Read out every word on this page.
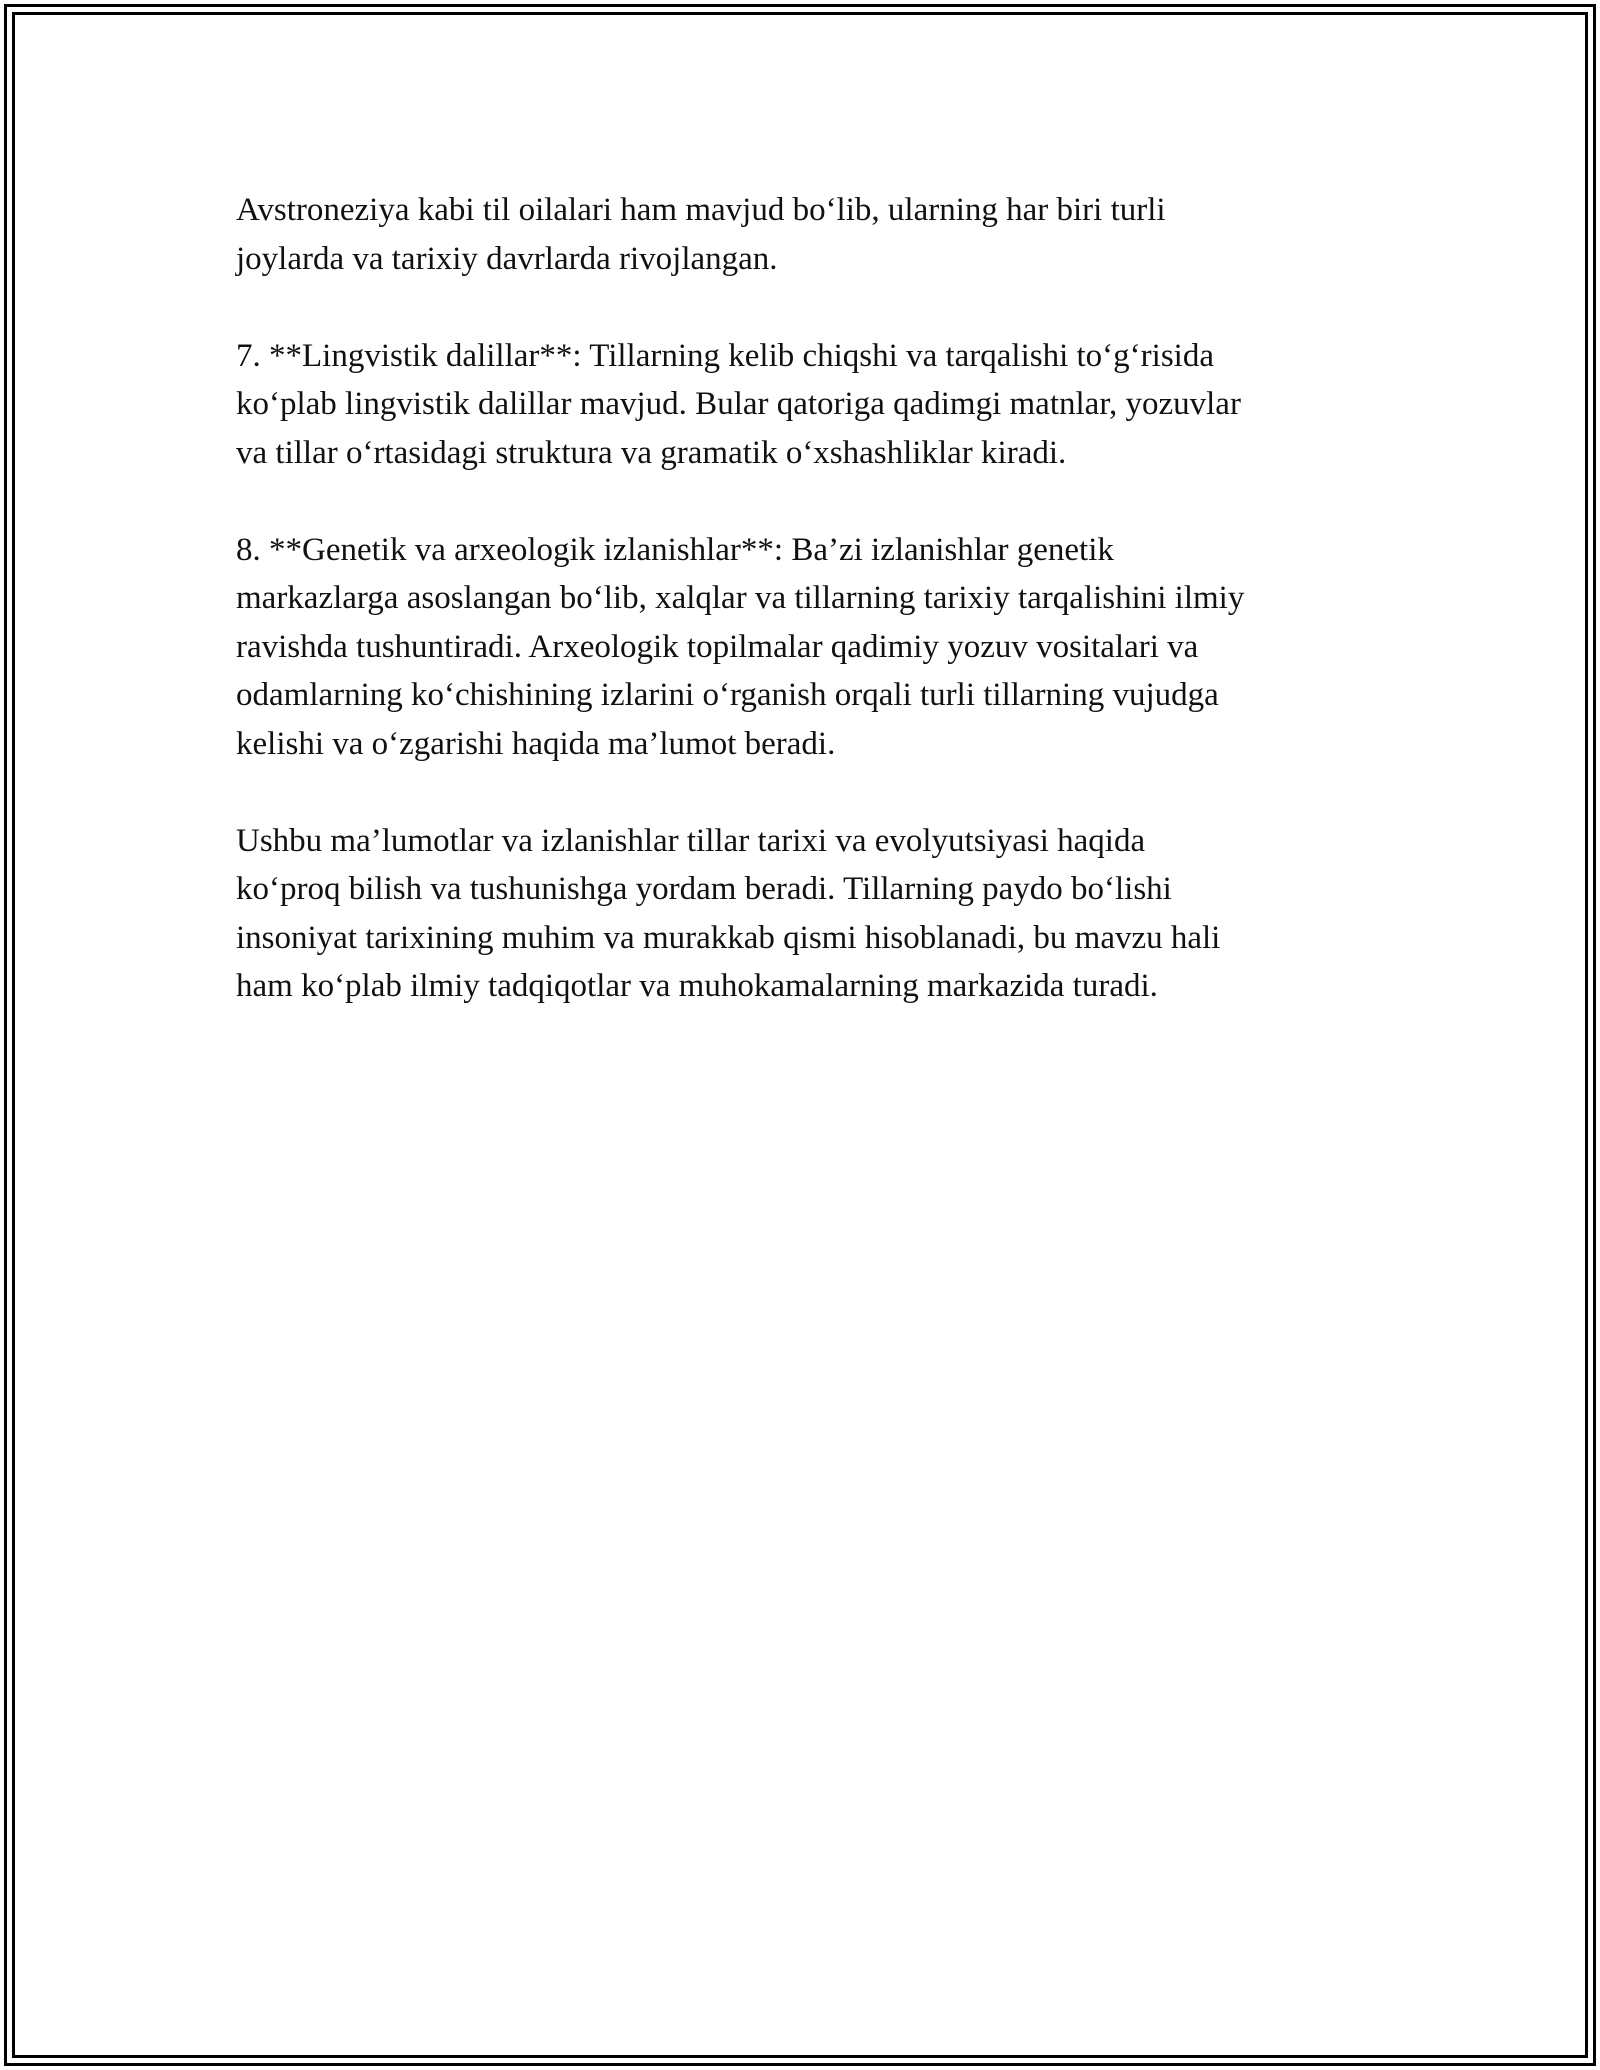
Avstroneziya kabi til oilalari ham mavjud bo‘lib, ularning har biri turli
joylarda va tarixiy davrlarda rivojlangan.

7. **Lingvistik dalillar**: Tillarning kelib chiqshi va tarqalishi to‘g‘risida
ko‘plab lingvistik dalillar mavjud. Bular qatoriga qadimgi matnlar, yozuvlar
va tillar o‘rtasidagi struktura va gramatik o‘xshashliklar kiradi.

8. **Genetik va arxeologik izlanishlar**: Ba’zi izlanishlar genetik
markazlarga asoslangan bo‘lib, xalqlar va tillarning tarixiy tarqalishini ilmiy
ravishda tushuntiradi. Arxeologik topilmalar qadimiy yozuv vositalari va
odamlarning ko‘chishining izlarini o‘rganish orqali turli tillarning vujudga
kelishi va o‘zgarishi haqida ma’lumot beradi.

Ushbu ma’lumotlar va izlanishlar tillar tarixi va evolyutsiyasi haqida
ko‘proq bilish va tushunishga yordam beradi. Tillarning paydo bo‘lishi
insoniyat tarixining muhim va murakkab qismi hisoblanadi, bu mavzu hali
ham ko‘plab ilmiy tadqiqotlar va muhokamalarning markazida turadi.
